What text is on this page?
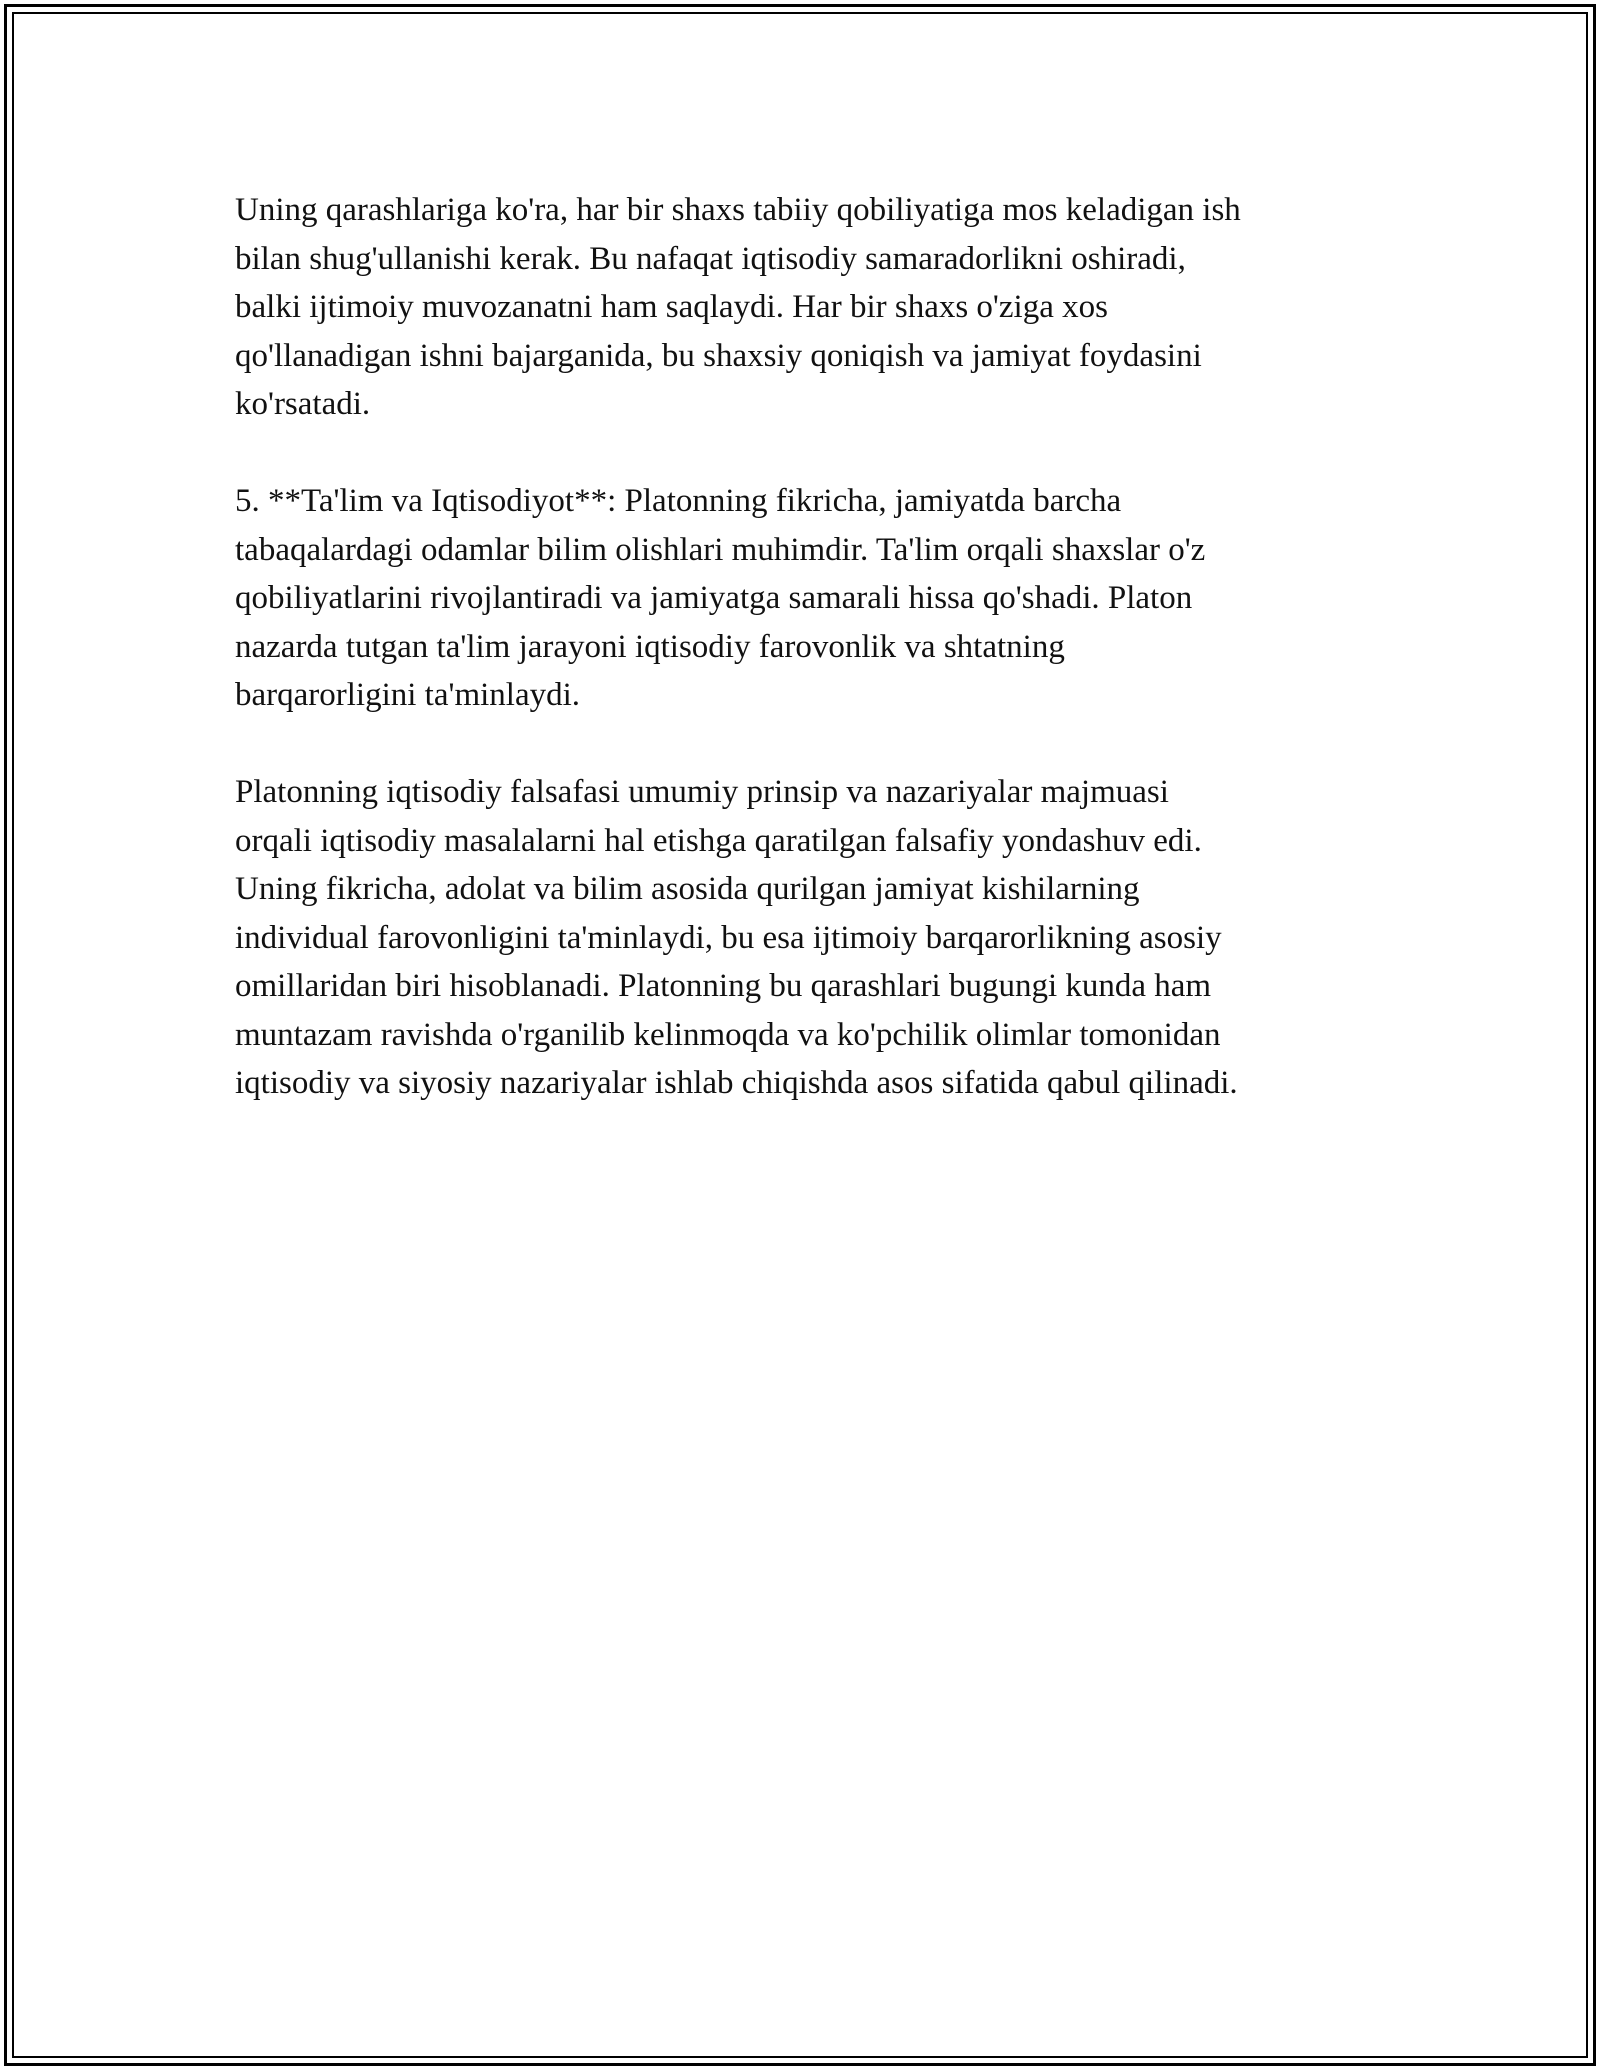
Uning qarashlariga ko'ra, har bir shaxs tabiiy qobiliyatiga mos keladigan ish
bilan shug'ullanishi kerak. Bu nafaqat iqtisodiy samaradorlikni oshiradi,
balki ijtimoiy muvozanatni ham saqlaydi. Har bir shaxs o'ziga xos
qo'llanadigan ishni bajarganida, bu shaxsiy qoniqish va jamiyat foydasini
ko'rsatadi.

5. **Ta'lim va Iqtisodiyot**: Platonning fikricha, jamiyatda barcha
tabaqalardagi odamlar bilim olishlari muhimdir. Ta'lim orqali shaxslar o'z
qobiliyatlarini rivojlantiradi va jamiyatga samarali hissa qo'shadi. Platon
nazarda tutgan ta'lim jarayoni iqtisodiy farovonlik va shtatning
barqarorligini ta'minlaydi.

Platonning iqtisodiy falsafasi umumiy prinsip va nazariyalar majmuasi
orqali iqtisodiy masalalarni hal etishga qaratilgan falsafiy yondashuv edi.
Uning fikricha, adolat va bilim asosida qurilgan jamiyat kishilarning
individual farovonligini ta'minlaydi, bu esa ijtimoiy barqarorlikning asosiy
omillaridan biri hisoblanadi. Platonning bu qarashlari bugungi kunda ham
muntazam ravishda o'rganilib kelinmoqda va ko'pchilik olimlar tomonidan
iqtisodiy va siyosiy nazariyalar ishlab chiqishda asos sifatida qabul qilinadi.
